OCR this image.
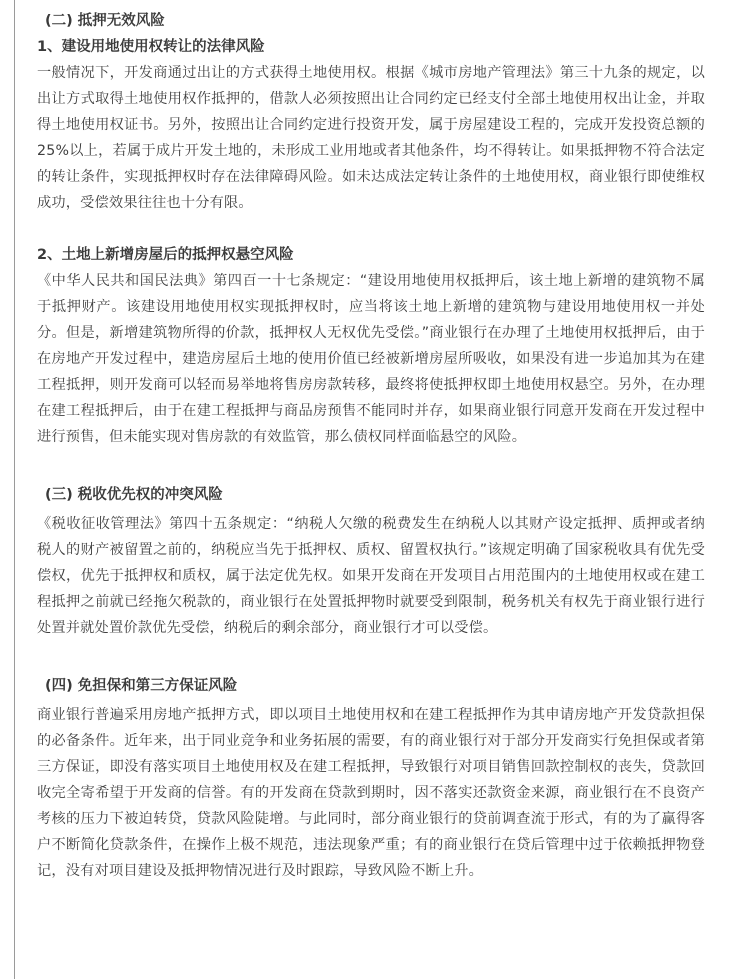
(二) 抵押无效风险
1、建设用地使用权转让的法律风险

一般情况下，开发商通过出让的方式获得土地使用权。根据《城市房地产管理法》第三十九条的规定，以出让方式取得土地使用权作抵押的，借款人必须按照出让合同约定已经支付全部土地使用权出让金，并取得土地使用权证书。另外，按照出让合同约定进行投资开发，属于房屋建设工程的，完成开发投资总额的25%以上，若属于成片开发土地的，未形成工业用地或者其他条件，均不得转让。如果抵押物不符合法定的转让条件，实现抵押权时存在法律障碍风险。如未达成法定转让条件的土地使用权，商业银行即使维权成功，受偿效果往往也十分有限。

2、土地上新增房屋后的抵押权悬空风险

《中华人民共和国民法典》第四百一十七条规定：“建设用地使用权抵押后，该土地上新增的建筑物不属于抵押财产。该建设用地使用权实现抵押权时，应当将该土地上新增的建筑物与建设用地使用权一并处分。但是，新增建筑物所得的价款，抵押权人无权优先受偿。”商业银行在办理了土地使用权抵押后，由于在房地产开发过程中，建造房屋后土地的使用价值已经被新增房屋所吸收，如果没有进一步追加其为在建工程抵押，则开发商可以轻而易举地将售房房款转移，最终将使抵押权即土地使用权悬空。另外，在办理在建工程抵押后，由于在建工程抵押与商品房预售不能同时并存，如果商业银行同意开发商在开发过程中进行预售，但未能实现对售房款的有效监管，那么债权同样面临悬空的风险。

(三) 税收优先权的冲突风险

《税收征收管理法》第四十五条规定：“纳税人欠缴的税费发生在纳税人以其财产设定抵押、质押或者纳税人的财产被留置之前的，纳税应当先于抵押权、质权、留置权执行。”该规定明确了国家税收具有优先受偿权，优先于抵押权和质权，属于法定优先权。如果开发商在开发项目占用范围内的土地使用权或在建工程抵押之前就已经拖欠税款的，商业银行在处置抵押物时就要受到限制，税务机关有权先于商业银行进行处置并就处置价款优先受偿，纳税后的剩余部分，商业银行才可以受偿。

(四) 免担保和第三方保证风险

商业银行普遍采用房地产抵押方式，即以项目土地使用权和在建工程抵押作为其申请房地产开发贷款担保的必备条件。近年来，出于同业竞争和业务拓展的需要，有的商业银行对于部分开发商实行免担保或者第三方保证，即没有落实项目土地使用权及在建工程抵押，导致银行对项目销售回款控制权的丧失，贷款回收完全寄希望于开发商的信誉。有的开发商在贷款到期时，因不落实还款资金来源，商业银行在不良资产考核的压力下被迫转贷，贷款风险陡增。与此同时，部分商业银行的贷前调查流于形式，有的为了赢得客户不断简化贷款条件，在操作上极不规范，违法现象严重；有的商业银行在贷后管理中过于依赖抵押物登记，没有对项目建设及抵押物情况进行及时跟踪，导致风险不断上升。
